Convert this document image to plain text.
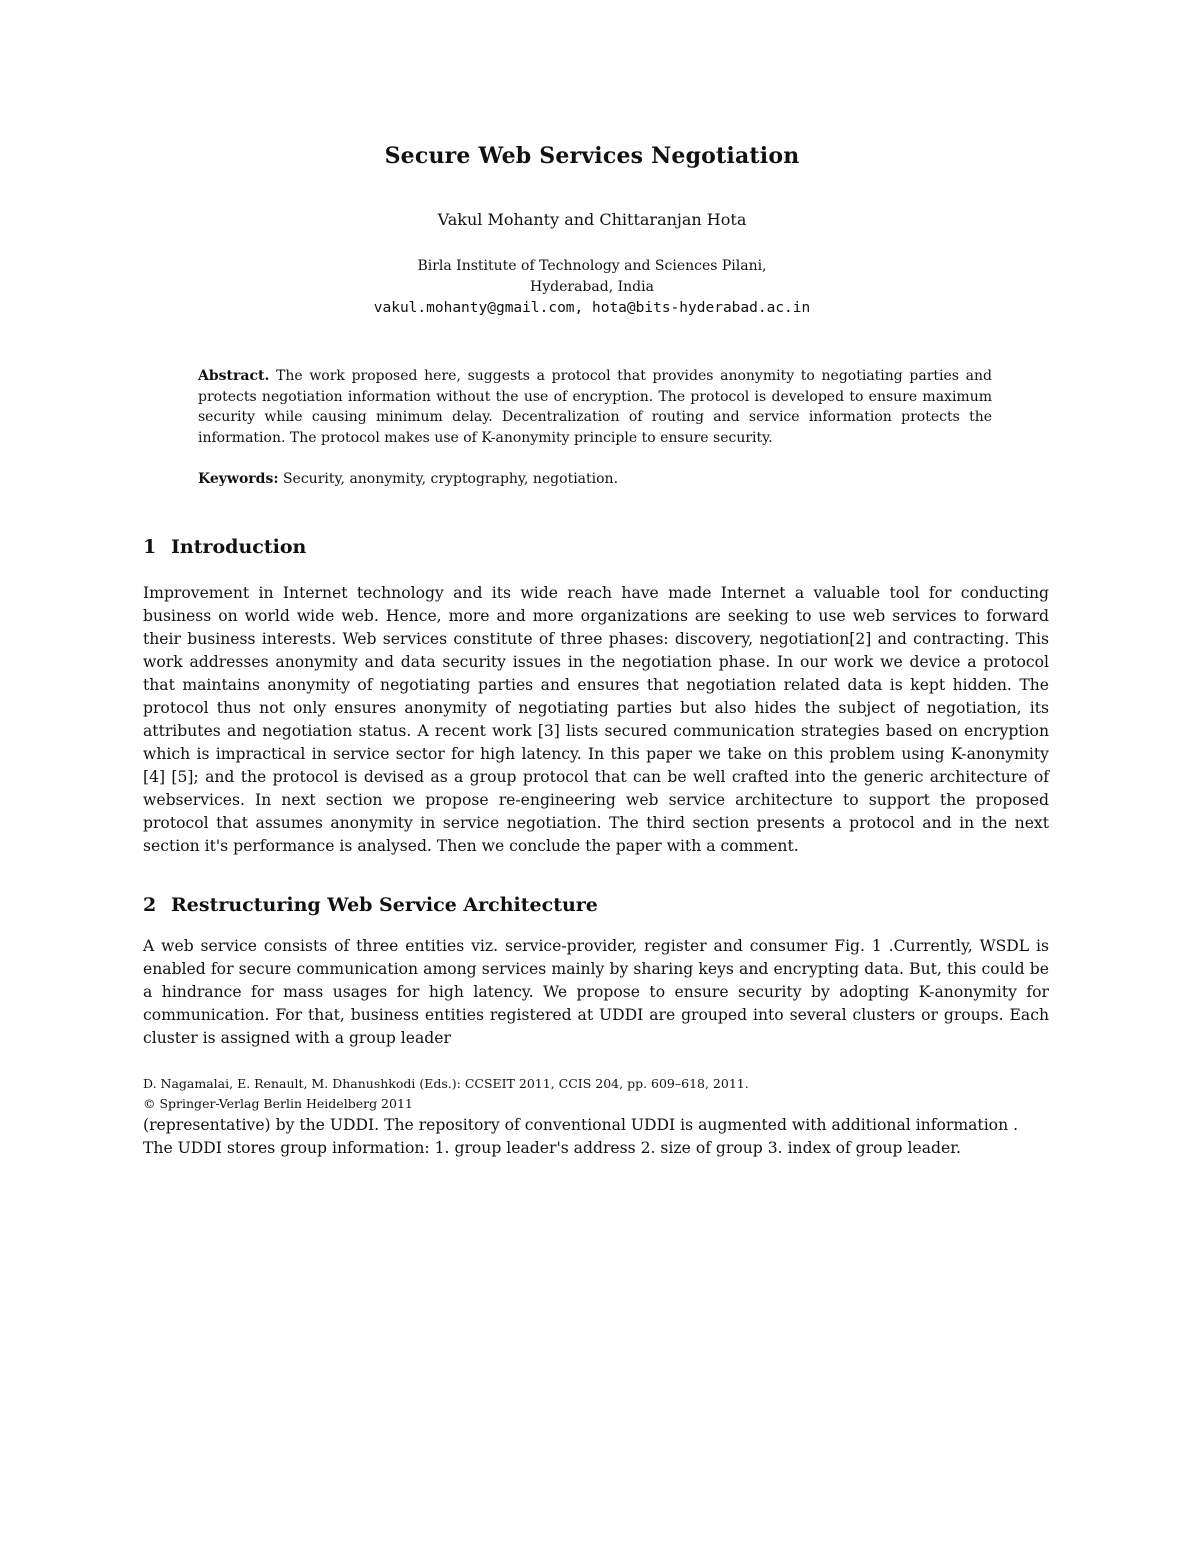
Secure Web Services Negotiation
Vakul Mohanty and Chittaranjan Hota
Birla Institute of Technology and Sciences Pilani,
Hyderabad, India
vakul.mohanty@gmail.com, hota@bits-hyderabad.ac.in
Abstract. The work proposed here, suggests a protocol that provides anonymity to negotiating parties and protects negotiation information without the use of encryption. The protocol is developed to ensure maximum security while causing minimum delay. Decentralization of routing and service information protects the information. The protocol makes use of K-anonymity principle to ensure security.
Keywords: Security, anonymity, cryptography, negotiation.
1 Introduction
Improvement in Internet technology and its wide reach have made Internet a valuable tool for conducting business on world wide web. Hence, more and more organizations are seeking to use web services to forward their business interests. Web services constitute of three phases: discovery, negotiation[2] and contracting. This work addresses anonymity and data security issues in the negotiation phase. In our work we device a protocol that maintains anonymity of negotiating parties and ensures that negotiation related data is kept hidden. The protocol thus not only ensures anonymity of negotiating parties but also hides the subject of negotiation, its attributes and negotiation status. A recent work [3] lists secured communication strategies based on encryption which is impractical in service sector for high latency. In this paper we take on this problem using K-anonymity [4] [5]; and the protocol is devised as a group protocol that can be well crafted into the generic architecture of webservices. In next section we propose re-engineering web service architecture to support the proposed protocol that assumes anonymity in service negotiation. The third section presents a protocol and in the next section it's performance is analysed. Then we conclude the paper with a comment.
2 Restructuring Web Service Architecture
A web service consists of three entities viz. service-provider, register and consumer Fig. 1 .Currently, WSDL is enabled for secure communication among services mainly by sharing keys and encrypting data. But, this could be a hindrance for mass usages for high latency. We propose to ensure security by adopting K-anonymity for communication. For that, business entities registered at UDDI are grouped into several clusters or groups. Each cluster is assigned with a group leader
D. Nagamalai, E. Renault, M. Dhanushkodi (Eds.): CCSEIT 2011, CCIS 204, pp. 609–618, 2011.
© Springer-Verlag Berlin Heidelberg 2011
(representative) by the UDDI. The repository of conventional UDDI is augmented with additional information .
The UDDI stores group information: 1. group leader's address 2. size of group 3. index of group leader.
